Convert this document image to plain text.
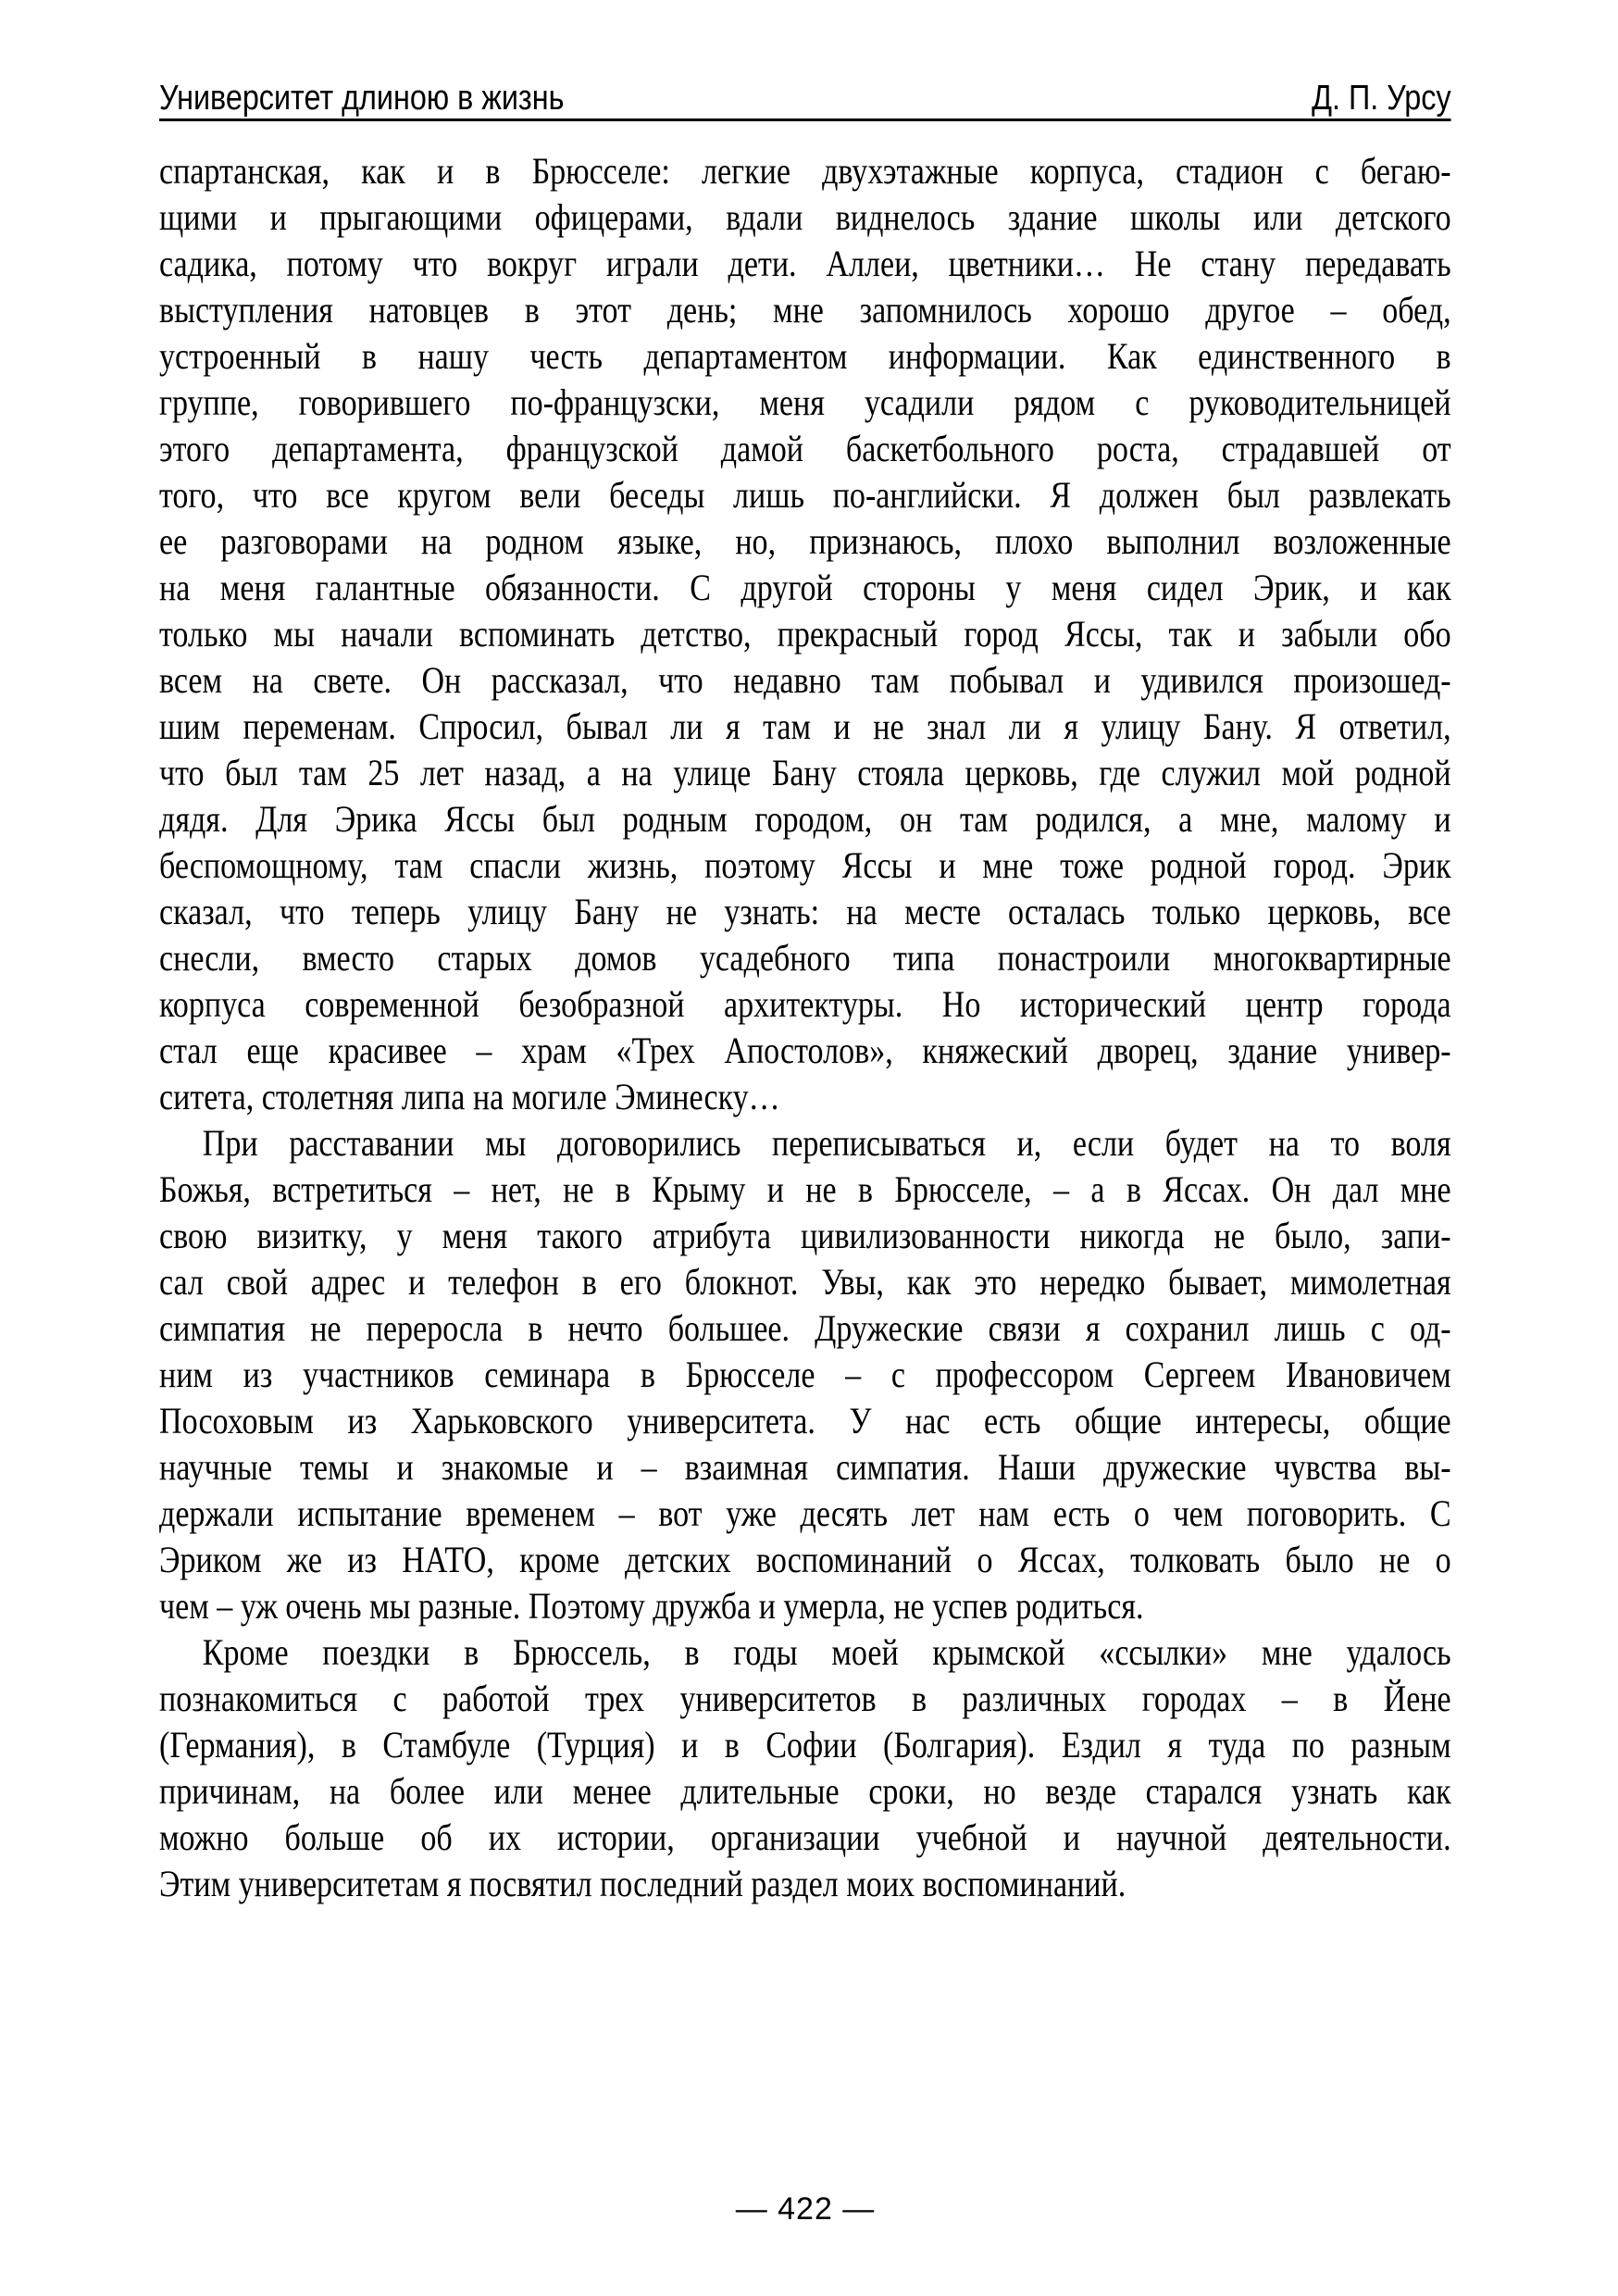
Университет длиною в жизнь	Д. П. Урсу
спартанская, как и в Брюсселе: легкие двухэтажные корпуса, стадион с бегаю-
щими и прыгающими офицерами, вдали виднелось здание школы или детского
садика, потому что вокруг играли дети. Аллеи, цветники… Не стану передавать
выступления натовцев в этот день; мне запомнилось хорошо другое – обед,
устроенный в нашу честь департаментом информации. Как единственного в
группе, говорившего по-французски, меня усадили рядом с руководительницей
этого департамента, французской дамой баскетбольного роста, страдавшей от
того, что все кругом вели беседы лишь по-английски. Я должен был развлекать
ее разговорами на родном языке, но, признаюсь, плохо выполнил возложенные
на меня галантные обязанности. С другой стороны у меня сидел Эрик, и как
только мы начали вспоминать детство, прекрасный город Яссы, так и забыли обо
всем на свете. Он рассказал, что недавно там побывал и удивился произошед-
шим переменам. Спросил, бывал ли я там и не знал ли я улицу Бану. Я ответил,
что был там 25 лет назад, а на улице Бану стояла церковь, где служил мой родной
дядя. Для Эрика Яссы был родным городом, он там родился, а мне, малому и
беспомощному, там спасли жизнь, поэтому Яссы и мне тоже родной город. Эрик
сказал, что теперь улицу Бану не узнать: на месте осталась только церковь, все
снесли, вместо старых домов усадебного типа понастроили многоквартирные
корпуса современной безобразной архитектуры. Но исторический центр города
стал еще красивее – храм «Трех Апостолов», княжеский дворец, здание универ-
ситета, столетняя липа на могиле Эминеску…
При расставании мы договорились переписываться и, если будет на то воля
Божья, встретиться – нет, не в Крыму и не в Брюсселе, – а в Яссах. Он дал мне
свою визитку, у меня такого атрибута цивилизованности никогда не было, запи-
сал свой адрес и телефон в его блокнот. Увы, как это нередко бывает, мимолетная
симпатия не переросла в нечто большее. Дружеские связи я сохранил лишь с од-
ним из участников семинара в Брюсселе – с профессором Сергеем Ивановичем
Посоховым из Харьковского университета. У нас есть общие интересы, общие
научные темы и знакомые и – взаимная симпатия. Наши дружеские чувства вы-
держали испытание временем – вот уже десять лет нам есть о чем поговорить. С
Эриком же из НАТО, кроме детских воспоминаний о Яссах, толковать было не о
чем – уж очень мы разные. Поэтому дружба и умерла, не успев родиться.
Кроме поездки в Брюссель, в годы моей крымской «ссылки» мне удалось
познакомиться с работой трех университетов в различных городах – в Йене
(Германия), в Стамбуле (Турция) и в Софии (Болгария). Ездил я туда по разным
причинам, на более или менее длительные сроки, но везде старался узнать как
можно больше об их истории, организации учебной и научной деятельности.
Этим университетам я посвятил последний раздел моих воспоминаний.
— 422 —
